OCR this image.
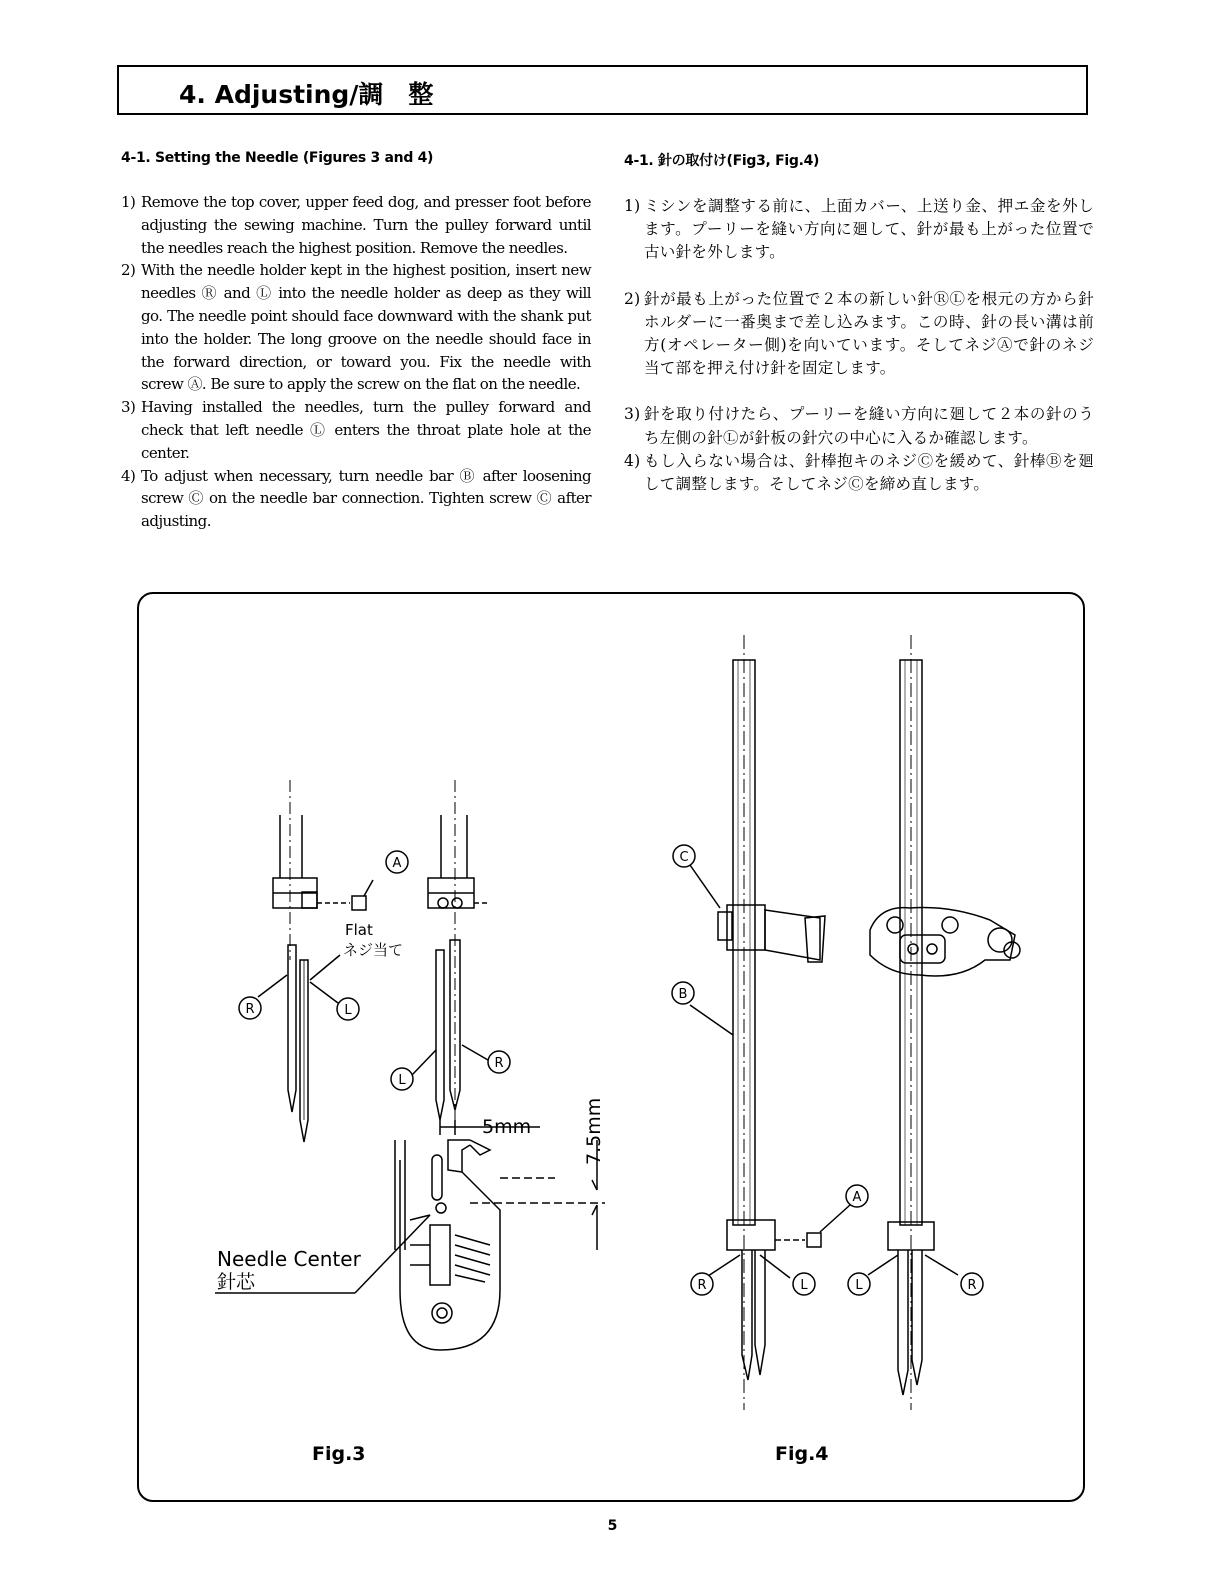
4. Adjusting/調　整
4-1. Setting the Needle (Figures 3 and 4)
1) Remove the top cover, upper feed dog, and presser foot before adjusting the sewing machine. Turn the pulley forward until the needles reach the highest position. Remove the needles.
2) With the needle holder kept in the highest position, insert new needles Ⓡ and Ⓛ into the needle holder as deep as they will go. The needle point should face downward with the shank put into the holder. The long groove on the needle should face in the forward direction, or toward you. Fix the needle with screw Ⓐ. Be sure to apply the screw on the flat on the needle.
3) Having installed the needles, turn the pulley forward and check that left needle Ⓛ enters the throat plate hole at the center.
4) To adjust when necessary, turn needle bar Ⓑ after loosening screw Ⓒ on the needle bar connection. Tighten screw Ⓒ after adjusting.
4-1. 針の取付け(Fig3, Fig.4)
1) ミシンを調整する前に、上面カバー、上送り金、押エ金を外します。プーリーを縫い方向に廻して、針が最も上がった位置で古い針を外します。
2) 針が最も上がった位置で２本の新しい針ⓇⓁを根元の方から針ホルダーに一番奥まで差し込みます。この時、針の長い溝は前方(オペレーター側)を向いています。そしてネジⒶで針のネジ当て部を押え付け針を固定します。
3) 針を取り付けたら、プーリーを縫い方向に廻して２本の針のうち左側の針Ⓛが針板の針穴の中心に入るか確認します。
4) もし入らない場合は、針棒抱キのネジⒸを緩めて、針棒Ⓑを廻して調整します。そしてネジⒸを締め直します。
Flat
ネジ当て
5mm	7.5mm
Needle Center
針芯
Fig.3	Fig.4
A
R	L
L
R
C
B
A
R	L	L	R
5
